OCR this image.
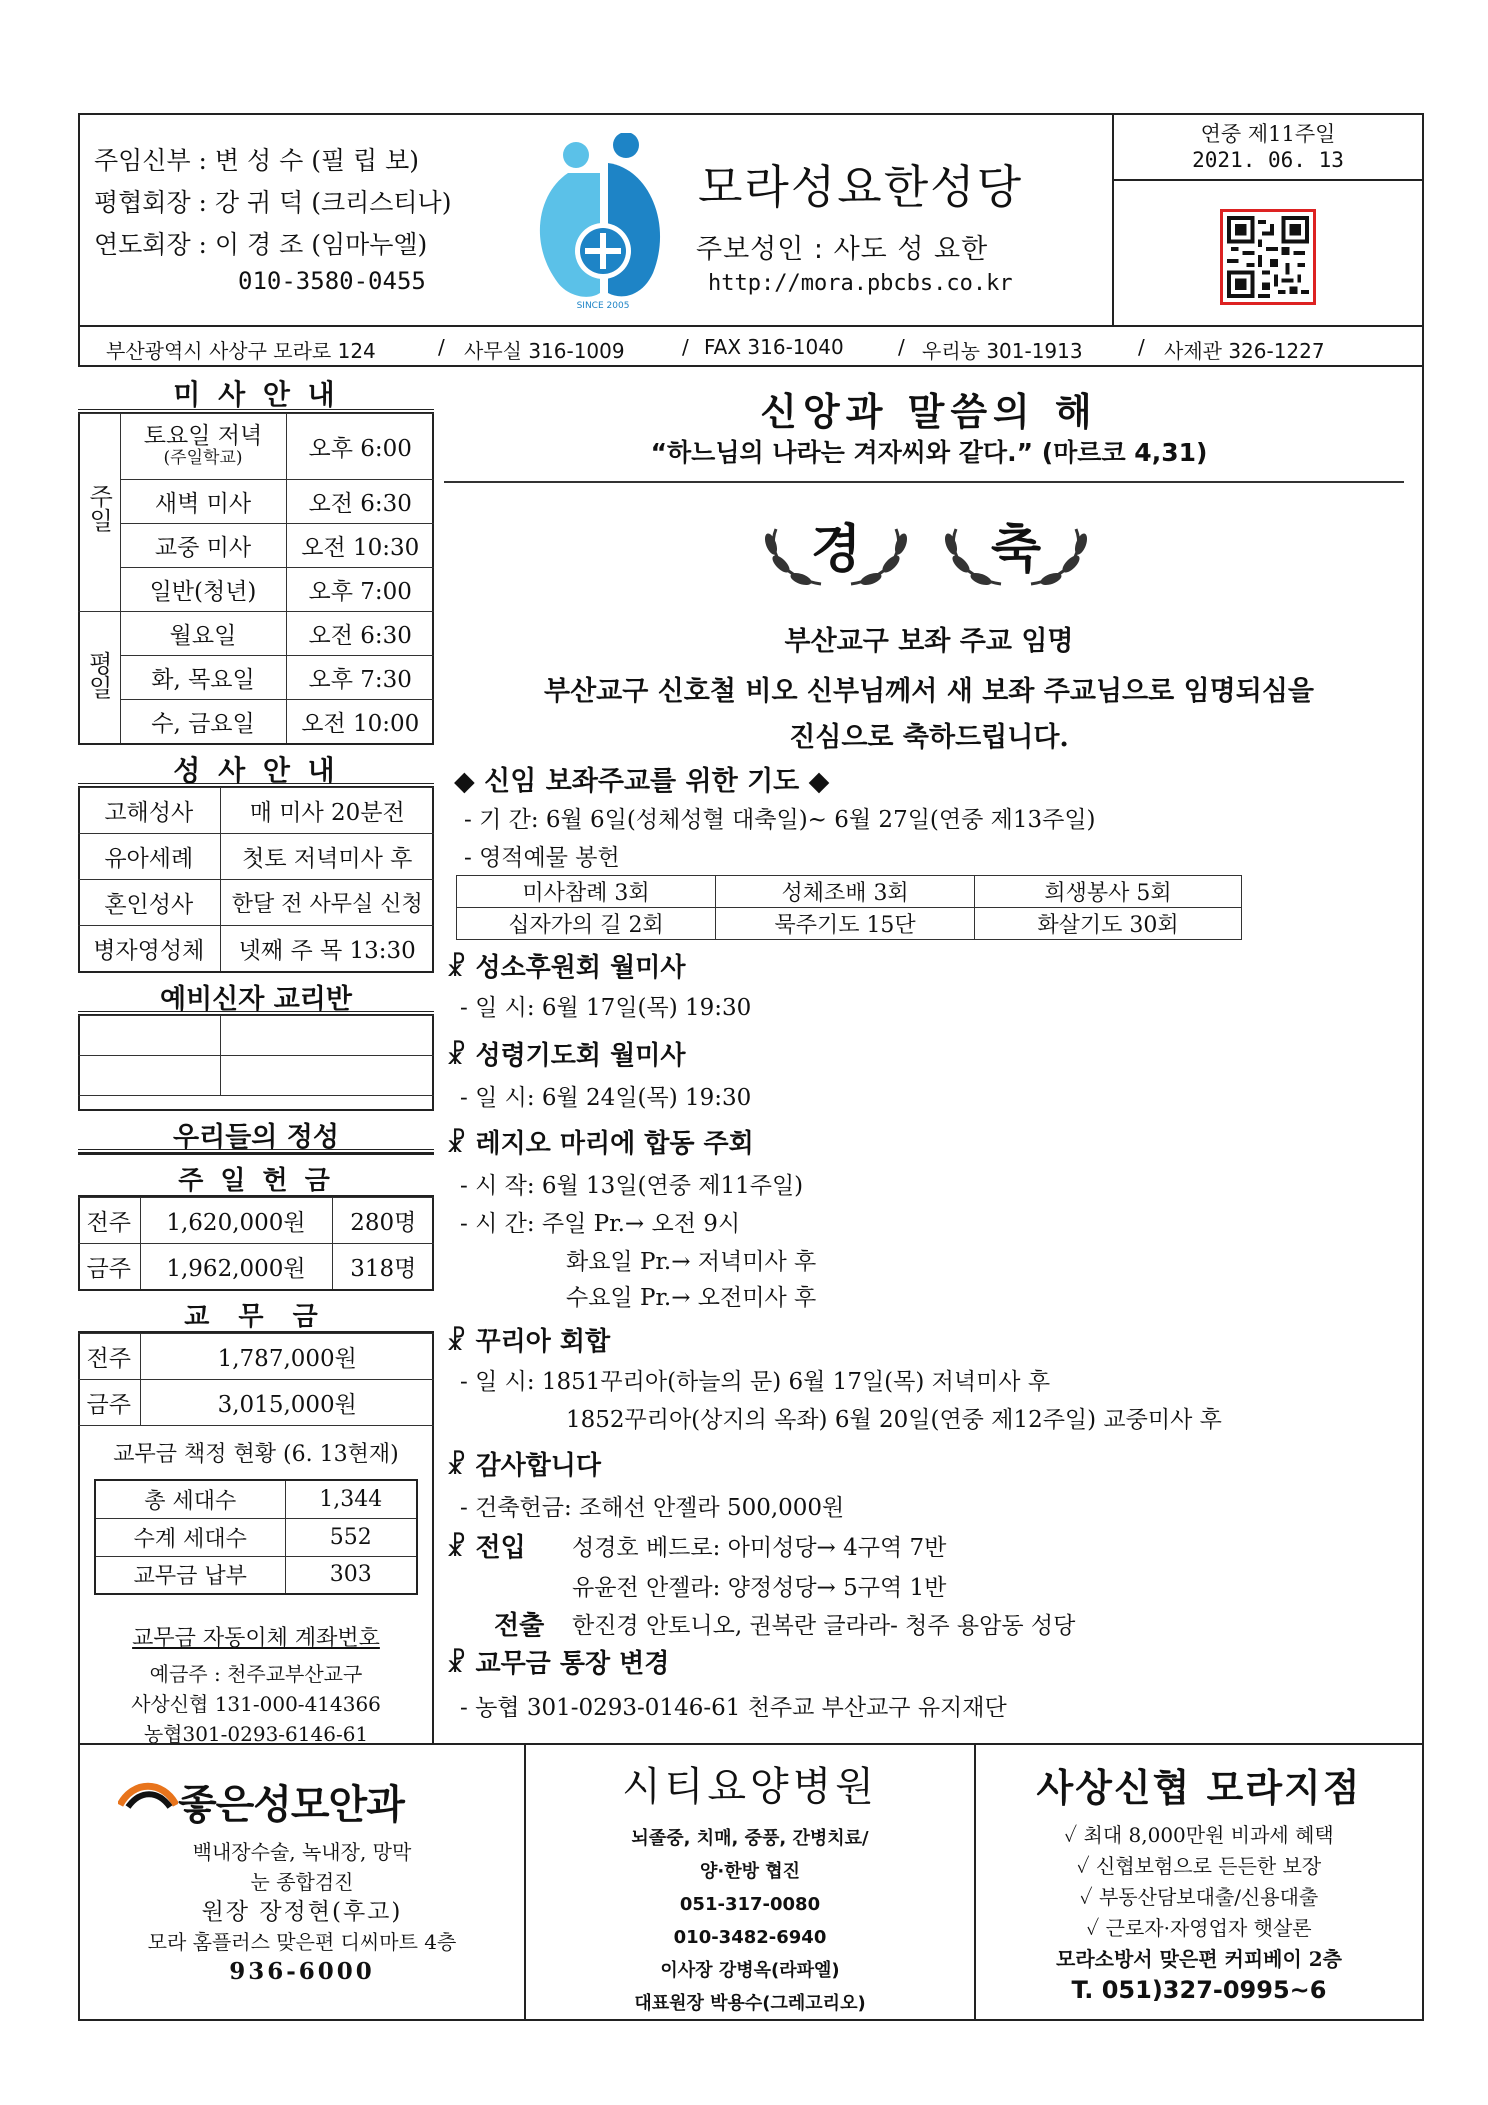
주임신부 : 변 성 수 (필 립 보)
평협회장 : 강 귀 덕 (크리스티나)
연도회장 : 이 경 조 (임마누엘)
010-3580-0455
SINCE 2005
모라성요한성당
주보성인 : 사도 성 요한
http://mora.pbcbs.co.kr
연중 제11주일
2021. 06. 13
부산광역시 사상구 모라로 124	/ 사무실 316-1009	/ FAX 316-1040	/ 우리농 301-1913	/ 사제관 326-1227
미 사 안 내
주일	토요일 저녁
(주일학교)	오후 6:00
	새벽 미사	오전 6:30
	교중 미사	오전 10:30
	일반(청년)	오후 7:00
평일	월요일	오전 6:30
	화, 목요일	오후 7:30
	수, 금요일	오전 10:00
성 사 안 내
고해성사	매 미사 20분전
유아세례	첫토 저녁미사 후
혼인성사	한달 전 사무실 신청
병자영성체	넷째 주 목 13:30
예비신자 교리반

우리들의 정성
주 일 헌 금
전주	1,620,000원	280명
금주	1,962,000원	318명
교 무 금
전주	1,787,000원
금주	3,015,000원
교무금 책정 현황 (6. 13현재)
총 세대수	1,344
수계 세대수	552
교무금 납부	303
교무금 자동이체 계좌번호
예금주 : 천주교부산교구
사상신협 131-000-414366
농협301-0293-6146-61
신앙과 말씀의 해
“하느님의 나라는 겨자씨와 같다.” (마르코 4,31)
경 축
부산교구 보좌 주교 임명
부산교구 신호철 비오 신부님께서 새 보좌 주교님으로 임명되심을
진심으로 축하드립니다.
◆ 신임 보좌주교를 위한 기도 ◆
- 기 간: 6월 6일(성체성혈 대축일)~ 6월 27일(연중 제13주일)
- 영적예물 봉헌
미사참례 3회	성체조배 3회	희생봉사 5회
십자가의 길 2회	묵주기도 15단	화살기도 30회
☧ 성소후원회 월미사
- 일 시: 6월 17일(목) 19:30
☧ 성령기도회 월미사
- 일 시: 6월 24일(목) 19:30
☧ 레지오 마리에 합동 주회
- 시 작: 6월 13일(연중 제11주일)
- 시 간: 주일 Pr.→ 오전 9시
화요일 Pr.→ 저녁미사 후
수요일 Pr.→ 오전미사 후
☧ 꾸리아 회합
- 일 시: 1851꾸리아(하늘의 문) 6월 17일(목) 저녁미사 후
1852꾸리아(상지의 옥좌) 6월 20일(연중 제12주일) 교중미사 후
☧ 감사합니다
- 건축헌금: 조해선 안젤라 500,000원
☧ 전입 성경호 베드로: 아미성당→ 4구역 7반
유윤전 안젤라: 양정성당→ 5구역 1반
전출 한진경 안토니오, 권복란 글라라- 청주 용암동 성당
☧ 교무금 통장 변경
- 농협 301-0293-0146-61 천주교 부산교구 유지재단
좋은성모안과
백내장수술, 녹내장, 망막
눈 종합검진
원장 장정현(후고)
모라 홈플러스 맞은편 디씨마트 4층
936-6000
시티요양병원
뇌졸중, 치매, 중풍, 간병치료/
양·한방 협진
051-317-0080
010-3482-6940
이사장 강병옥(라파엘)
대표원장 박용수(그레고리오)
사상신협 모라지점
✓ 최대 8,000만원 비과세 혜택
✓ 신협보험으로 든든한 보장
✓ 부동산담보대출/신용대출
✓ 근로자·자영업자 햇살론
모라소방서 맞은편 커피베이 2층
T. 051)327-0995~6
